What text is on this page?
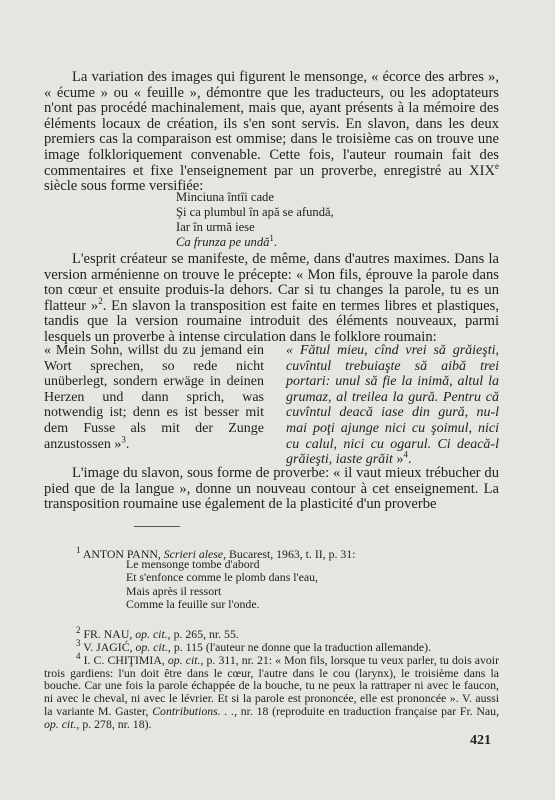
La variation des images qui figurent le mensonge, « écorce des arbres », « écume » ou « feuille », démontre que les traducteurs, ou les adoptateurs n'ont pas procédé machinalement, mais que, ayant présents à la mémoire des éléments locaux de création, ils s'en sont servis. En slavon, dans les deux premiers cas la comparaison est ommise; dans le troisième cas on trouve une image folkloriquement convenable. Cette fois, l'auteur roumain fait des commentaires et fixe l'enseignement par un proverbe, enregistré au XIXe siècle sous forme versifiée:

Minciuna întîi cade
Şi ca plumbul în apă se afundă,
Iar în urmă iese
Ca frunza pe undă$^1$.

L'esprit créateur se manifeste, de même, dans d'autres maximes. Dans la version arménienne on trouve le précepte: « Mon fils, éprouve la parole dans ton cœur et ensuite produis-la dehors. Car si tu changes la parole, tu es un flatteur »$^2$. En slavon la transposition est faite en termes libres et plastiques, tandis que la version roumaine introduit des éléments nouveaux, parmi lesquels un proverbe à intense circulation dans le folklore roumain:

« Mein Sohn, willst du zu jemand ein Wort sprechen, so rede nicht unüberlegt, sondern erwäge in deinen Herzen und dann sprich, was notwendig ist; denn es ist besser mit dem Fusse als mit der Zunge anzustossen »$^3$.
« Fătul mieu, cînd vrei să grăieşti, cuvîntul trebuiaşte să aibă trei portari: unul să fie la inimă, altul la grumaz, al treilea la gură. Pentru că cuvîntul deacă iase din gură, nu-l mai poţi ajunge nici cu şoimul, nici cu calul, nici cu ogarul. Ci deacă-l grăieşti, iaste grăit »$^4$.

L'image du slavon, sous forme de proverbe: « il vaut mieux trébucher du pied que de la langue », donne un nouveau contour à cet enseignement. La transposition roumaine use également de la plasticité d'un proverbe

$^1$ ANTON PANN, Scrieri alese, Bucarest, 1963, t. II, p. 31:

Le mensonge tombe d'abord
Et s'enfonce comme le plomb dans l'eau,
Mais après il ressort
Comme la feuille sur l'onde.

$^2$ FR. NAU, op. cit., p. 265, nr. 55.

$^3$ V. JAGIĆ, op. cit., p. 115 (l'auteur ne donne que la traduction allemande).

$^4$ I. C. CHIŢIMIA, op. cit., p. 311, nr. 21: « Mon fils, lorsque tu veux parler, tu dois avoir trois gardiens: l'un doit être dans le cœur, l'autre dans le cou (larynx), le troisième dans la bouche. Car une fois la parole échappée de la bouche, tu ne peux la rattraper ni avec le faucon, ni avec le cheval, ni avec le lévrier. Et si la parole est prononcée, elle est prononcée ». V. aussi la variante M. Gaster, Contributions. . ., nr. 18 (reproduite en traduction française par Fr. Nau, op. cit., p. 278, nr. 18).

421
